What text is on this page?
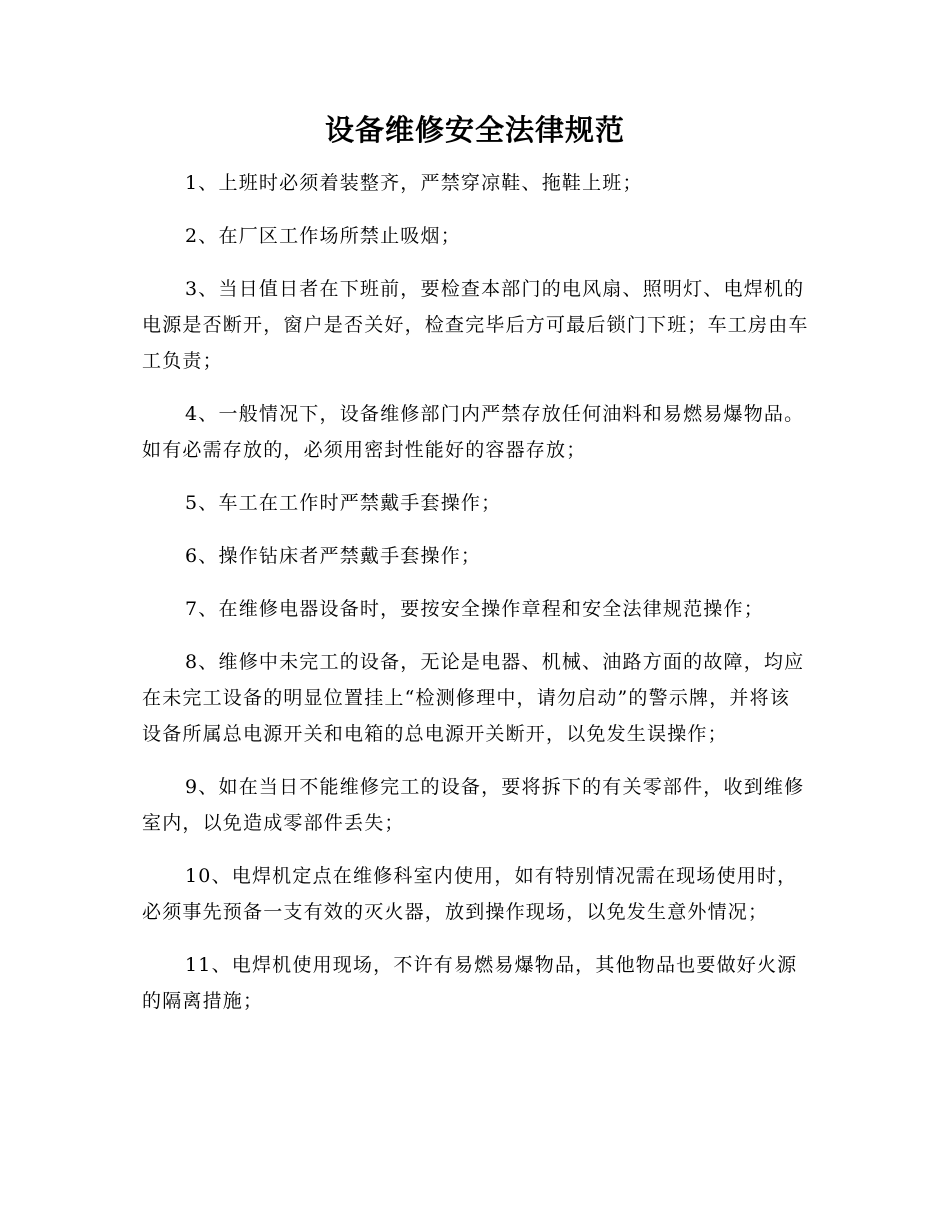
设备维修安全法律规范

1、上班时必须着装整齐，严禁穿凉鞋、拖鞋上班；

2、在厂区工作场所禁止吸烟；

3、当日值日者在下班前，要检查本部门的电风扇、照明灯、电焊机的电源是否断开，窗户是否关好，检查完毕后方可最后锁门下班；车工房由车工负责；

4、一般情况下，设备维修部门内严禁存放任何油料和易燃易爆物品。如有必需存放的，必须用密封性能好的容器存放；

5、车工在工作时严禁戴手套操作；

6、操作钻床者严禁戴手套操作；

7、在维修电器设备时，要按安全操作章程和安全法律规范操作；

8、维修中未完工的设备，无论是电器、机械、油路方面的故障，均应在未完工设备的明显位置挂上“检测修理中，请勿启动”的警示牌，并将该设备所属总电源开关和电箱的总电源开关断开，以免发生误操作；

9、如在当日不能维修完工的设备，要将拆下的有关零部件，收到维修室内，以免造成零部件丢失；

10、电焊机定点在维修科室内使用，如有特别情况需在现场使用时，必须事先预备一支有效的灭火器，放到操作现场，以免发生意外情况；

11、电焊机使用现场，不许有易燃易爆物品，其他物品也要做好火源的隔离措施；
